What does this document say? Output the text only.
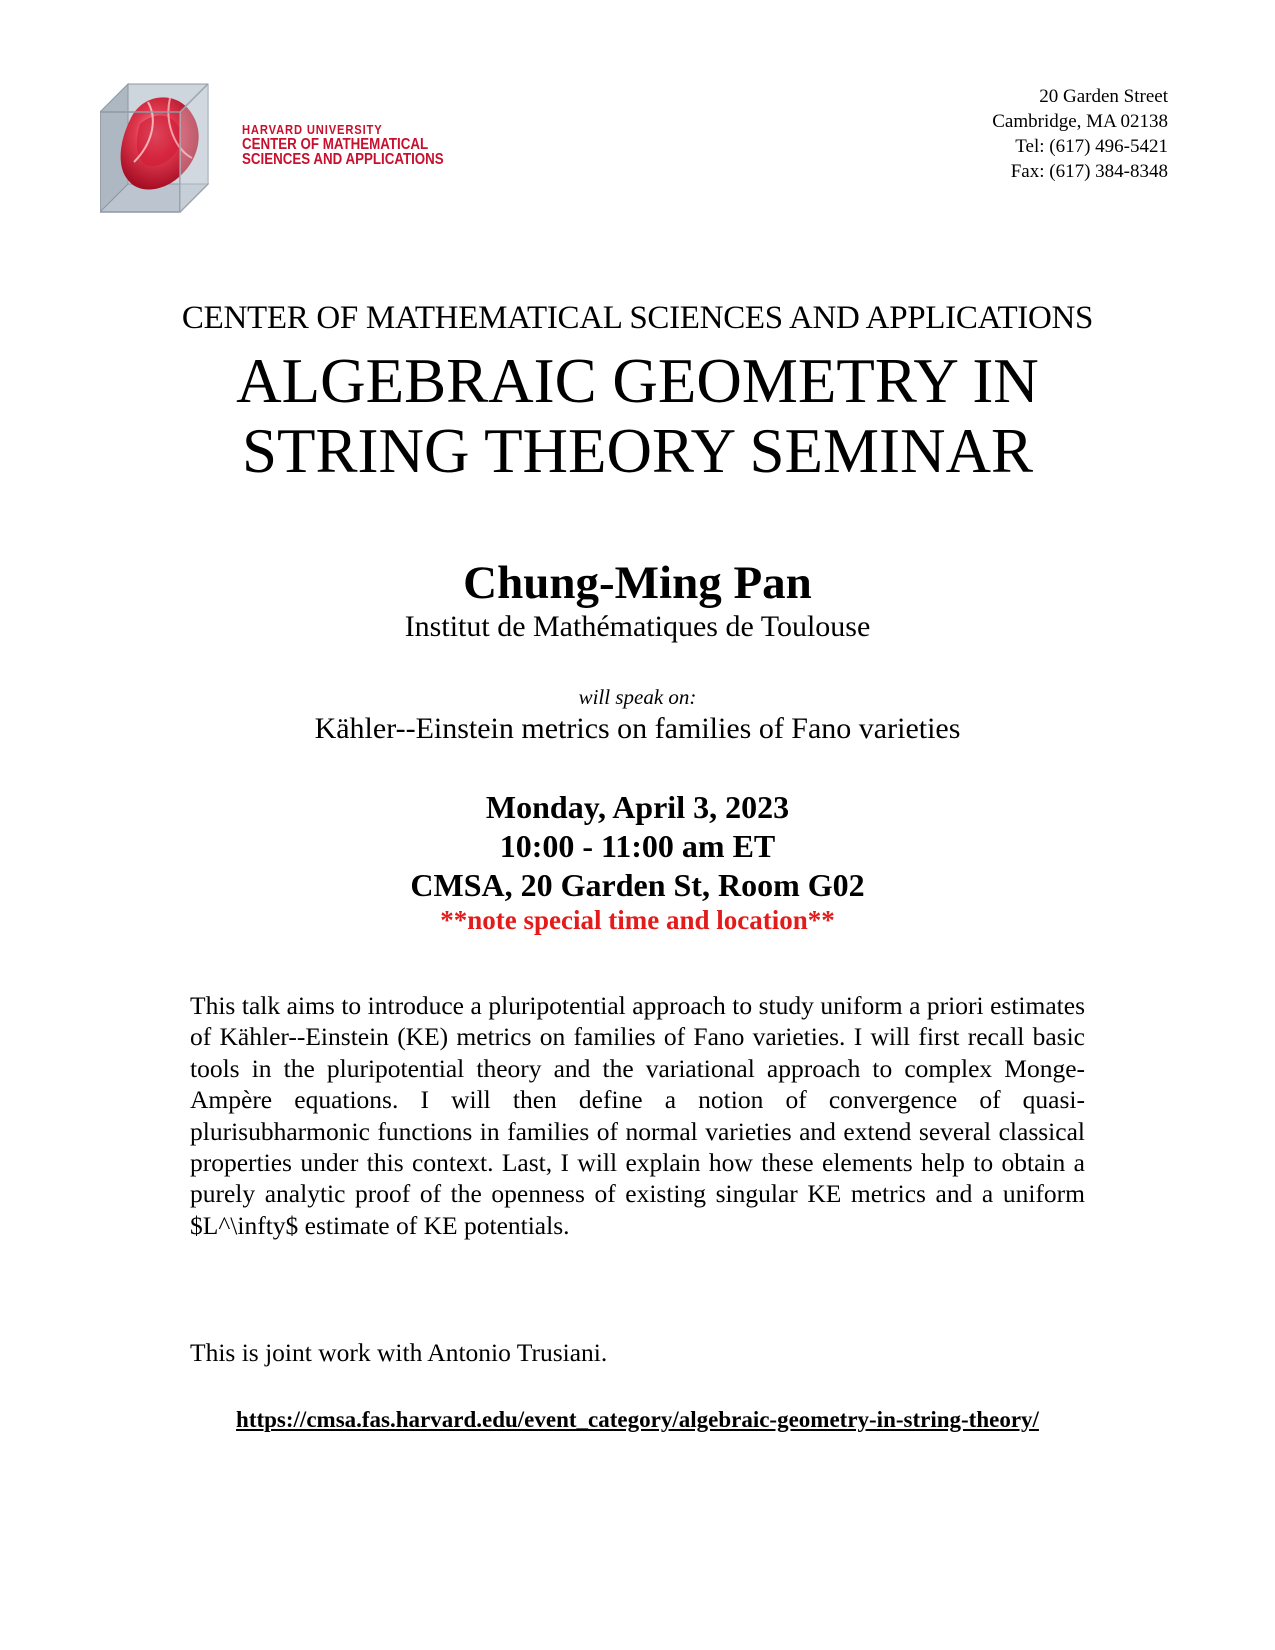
HARVARD UNIVERSITY
CENTER OF MATHEMATICAL
SCIENCES AND APPLICATIONS
20 Garden Street
Cambridge, MA 02138
Tel: (617) 496-5421
Fax: (617) 384-8348
CENTER OF MATHEMATICAL SCIENCES AND APPLICATIONS
ALGEBRAIC GEOMETRY IN
STRING THEORY SEMINAR
Chung-Ming Pan
Institut de Mathématiques de Toulouse
will speak on:
Kähler--Einstein metrics on families of Fano varieties
Monday, April 3, 2023
10:00 - 11:00 am ET
CMSA, 20 Garden St, Room G02
**note special time and location**
This talk aims to introduce a pluripotential approach to study uniform a priori estimates of Kähler--Einstein (KE) metrics on families of Fano varieties. I will first recall basic tools in the pluripotential theory and the variational approach to complex Monge-Ampère equations. I will then define a notion of convergence of quasi-plurisubharmonic functions in families of normal varieties and extend several classical properties under this context. Last, I will explain how these elements help to obtain a purely analytic proof of the openness of existing singular KE metrics and a uniform $L^\infty$ estimate of KE potentials.
This is joint work with Antonio Trusiani.
https://cmsa.fas.harvard.edu/event_category/algebraic-geometry-in-string-theory/
